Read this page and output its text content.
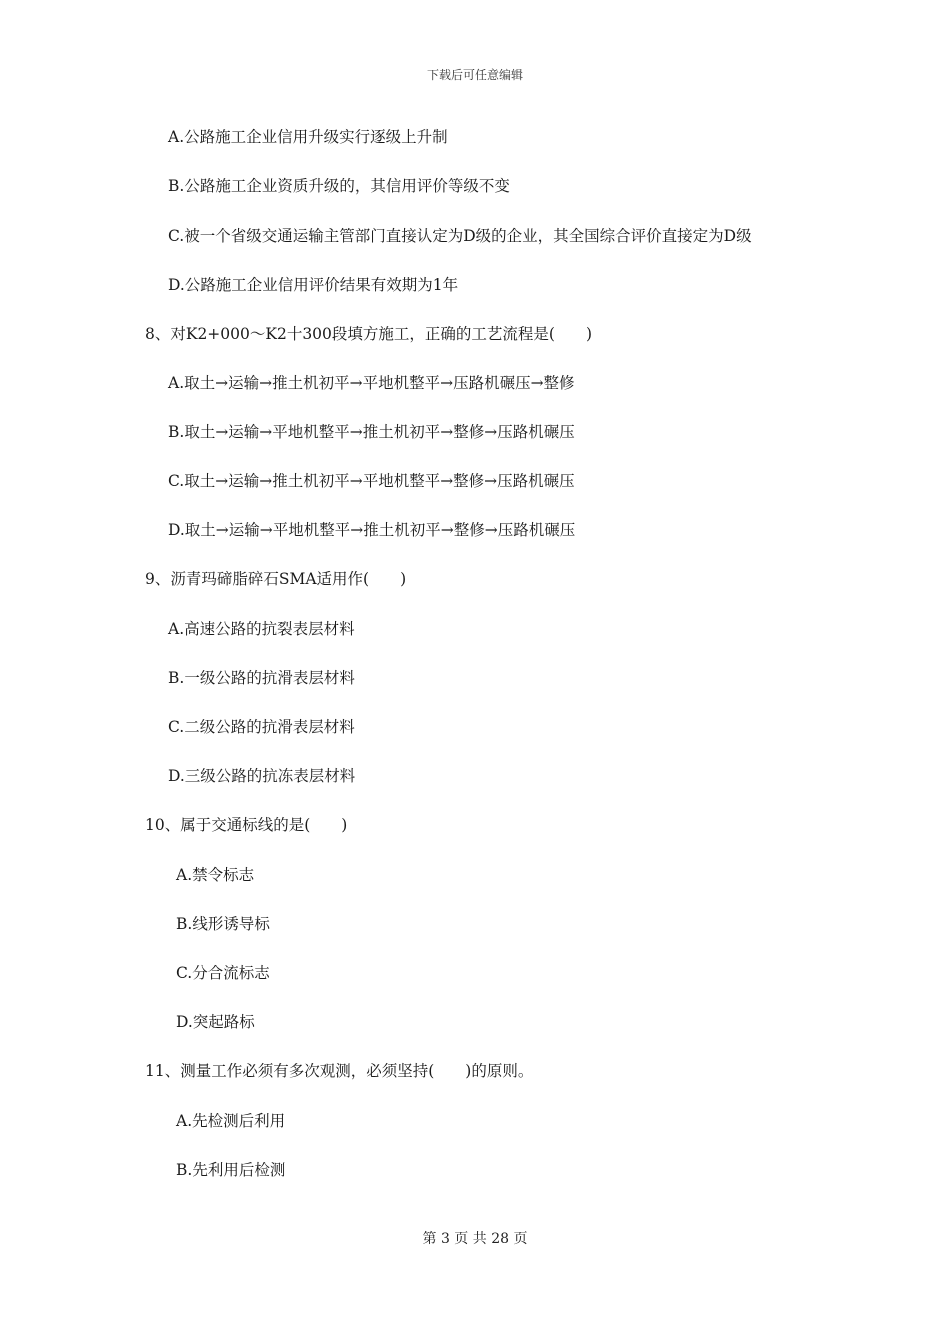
下载后可任意编辑
A.公路施工企业信用升级实行逐级上升制
B.公路施工企业资质升级的，其信用评价等级不变
C.被一个省级交通运输主管部门直接认定为D级的企业，其全国综合评价直接定为D级
D.公路施工企业信用评价结果有效期为1年
8、对K2+000～K2十300段填方施工，正确的工艺流程是(　　)
A.取土→运输→推土机初平→平地机整平→压路机碾压→整修
B.取土→运输→平地机整平→推土机初平→整修→压路机碾压
C.取土→运输→推土机初平→平地机整平→整修→压路机碾压
D.取土→运输→平地机整平→推土机初平→整修→压路机碾压
9、沥青玛碲脂碎石SMA适用作(　　)
A.高速公路的抗裂表层材料
B.一级公路的抗滑表层材料
C.二级公路的抗滑表层材料
D.三级公路的抗冻表层材料
10、属于交通标线的是(　　)
A.禁令标志
B.线形诱导标
C.分合流标志
D.突起路标
11、测量工作必须有多次观测，必须坚持(　　)的原则。
A.先检测后利用
B.先利用后检测
第 3 页 共 28 页
